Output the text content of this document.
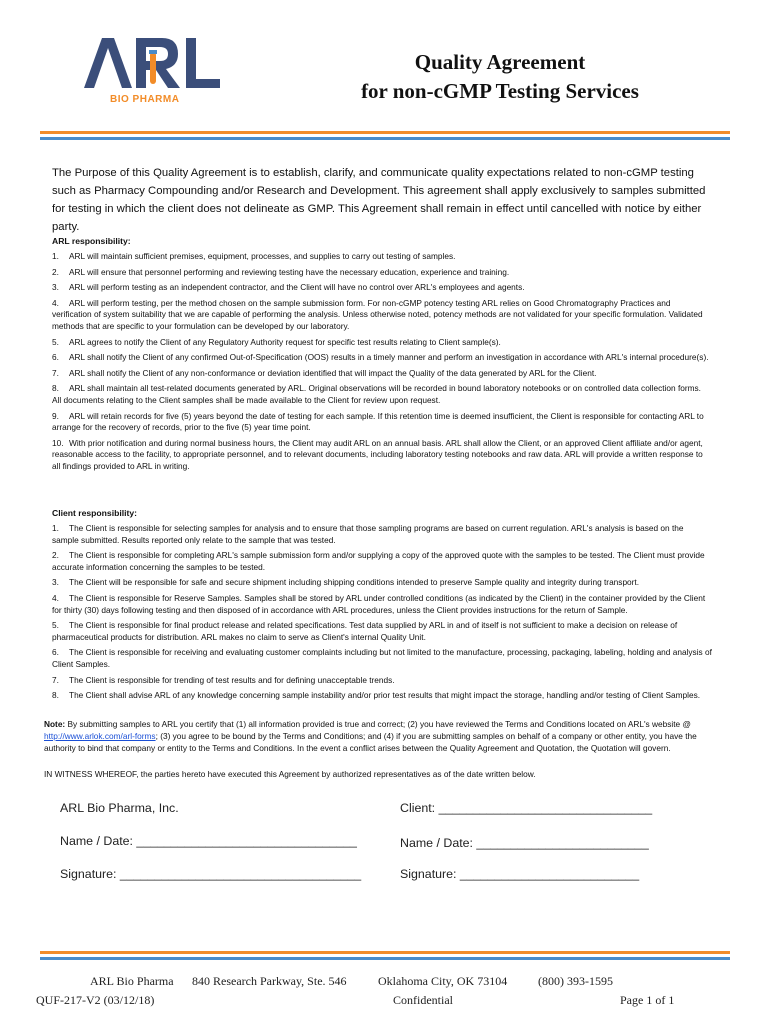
BIO PHARMA
Quality Agreement
for non-cGMP Testing Services
The Purpose of this Quality Agreement is to establish, clarify, and communicate quality expectations related to non-cGMP testing such as Pharmacy Compounding and/or Research and Development. This agreement shall apply exclusively to samples submitted for testing in which the client does not delineate as GMP. This Agreement shall remain in effect until cancelled with notice by either party.
ARL responsibility:

1. ARL will maintain sufficient premises, equipment, processes, and supplies to carry out testing of samples.

2. ARL will ensure that personnel performing and reviewing testing have the necessary education, experience and training.

3. ARL will perform testing as an independent contractor, and the Client will have no control over ARL's employees and agents.

4. ARL will perform testing, per the method chosen on the sample submission form. For non-cGMP potency testing ARL relies on Good Chromatography Practices and verification of system suitability that we are capable of performing the analysis. Unless otherwise noted, potency methods are not validated for your specific formulation. Validated methods that are specific to your formulation can be developed by our laboratory.

5. ARL agrees to notify the Client of any Regulatory Authority request for specific test results relating to Client sample(s).

6. ARL shall notify the Client of any confirmed Out-of-Specification (OOS) results in a timely manner and perform an investigation in accordance with ARL's internal procedure(s).

7. ARL shall notify the Client of any non-conformance or deviation identified that will impact the Quality of the data generated by ARL for the Client.

8. ARL shall maintain all test-related documents generated by ARL. Original observations will be recorded in bound laboratory notebooks or on controlled data collection forms. All documents relating to the Client samples shall be made available to the Client for review upon request.

9. ARL will retain records for five (5) years beyond the date of testing for each sample. If this retention time is deemed insufficient, the Client is responsible for contacting ARL to arrange for the recovery of records, prior to the five (5) year time point.

10. With prior notification and during normal business hours, the Client may audit ARL on an annual basis. ARL shall allow the Client, or an approved Client affiliate and/or agent, reasonable access to the facility, to appropriate personnel, and to relevant documents, including laboratory testing notebooks and raw data. ARL will provide a written response to all findings provided to ARL in writing.

Client responsibility:

1. The Client is responsible for selecting samples for analysis and to ensure that those sampling programs are based on current regulation. ARL's analysis is based on the sample submitted. Results reported only relate to the sample that was tested.

2. The Client is responsible for completing ARL's sample submission form and/or supplying a copy of the approved quote with the samples to be tested. The Client must provide accurate information concerning the samples to be tested.

3. The Client will be responsible for safe and secure shipment including shipping conditions intended to preserve Sample quality and integrity during transport.

4. The Client is responsible for Reserve Samples. Samples shall be stored by ARL under controlled conditions (as indicated by the Client) in the container provided by the Client for thirty (30) days following testing and then disposed of in accordance with ARL procedures, unless the Client provides instructions for the return of Sample.

5. The Client is responsible for final product release and related specifications. Test data supplied by ARL in and of itself is not sufficient to make a decision on release of pharmaceutical products for distribution. ARL makes no claim to serve as Client's internal Quality Unit.

6. The Client is responsible for receiving and evaluating customer complaints including but not limited to the manufacture, processing, packaging, labeling, holding and analysis of Client Samples.

7. The Client is responsible for trending of test results and for defining unacceptable trends.

8. The Client shall advise ARL of any knowledge concerning sample instability and/or prior test results that might impact the storage, handling and/or testing of Client Samples.

Note: By submitting samples to ARL you certify that (1) all information provided is true and correct; (2) you have reviewed the Terms and Conditions located on ARL's website @ http://www.arlok.com/arl-forms; (3) you agree to be bound by the Terms and Conditions; and (4) if you are submitting samples on behalf of a company or other entity, you have the authority to bind that company or entity to the Terms and Conditions. In the event a conflict arises between the Quality Agreement and Quotation, the Quotation will govern.
IN WITNESS WHEREOF, the parties hereto have executed this Agreement by authorized representatives as of the date written below.
ARL Bio Pharma, Inc.
Name / Date: ________________________________
Signature: ___________________________________
Client: _______________________________
Name / Date: _________________________
Signature: __________________________
ARL Bio Pharma 840 Research Parkway, Ste. 546	Oklahoma City, OK 73104	(800) 393-1595
QUF-217-V2 (03/12/18)	Confidential	Page 1 of 1
